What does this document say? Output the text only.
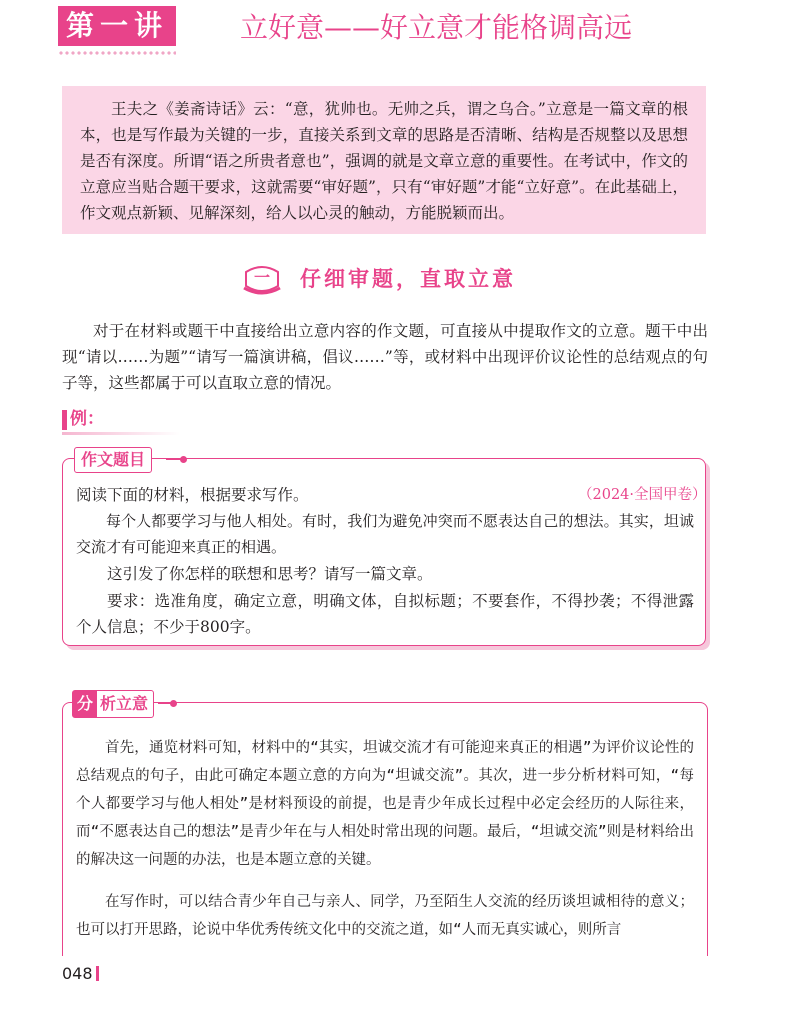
第一讲	立好意——好立意才能格调高远
王夫之《姜斋诗话》云：“意，犹帅也。无帅之兵，谓之乌合。”立意是一篇文章的根本，也是写作最为关键的一步，直接关系到文章的思路是否清晰、结构是否规整以及思想是否有深度。所谓“语之所贵者意也”，强调的就是文章立意的重要性。在考试中，作文的立意应当贴合题干要求，这就需要“审好题”，只有“审好题”才能“立好意”。在此基础上，作文观点新颖、见解深刻，给人以心灵的触动，方能脱颖而出。
一 仔细审题，直取立意
对于在材料或题干中直接给出立意内容的作文题，可直接从中提取作文的立意。题干中出现“请以……为题”“请写一篇演讲稿，倡议……”等，或材料中出现评价议论性的总结观点的句子等，这些都属于可以直取立意的情况。
例：
作文题目
阅读下面的材料，根据要求写作。	（2024·全国甲卷）
每个人都要学习与他人相处。有时，我们为避免冲突而不愿表达自己的想法。其实，坦诚交流才有可能迎来真正的相遇。
这引发了你怎样的联想和思考？请写一篇文章。
要求：选准角度，确定立意，明确文体，自拟标题；不要套作，不得抄袭；不得泄露个人信息；不少于800字。
分 析立意
首先，通览材料可知，材料中的“其实，坦诚交流才有可能迎来真正的相遇”为评价议论性的总结观点的句子，由此可确定本题立意的方向为“坦诚交流”。其次，进一步分析材料可知，“每个人都要学习与他人相处”是材料预设的前提，也是青少年成长过程中必定会经历的人际往来，而“不愿表达自己的想法”是青少年在与人相处时常出现的问题。最后，“坦诚交流”则是材料给出的解决这一问题的办法，也是本题立意的关键。
在写作时，可以结合青少年自己与亲人、同学，乃至陌生人交流的经历谈坦诚相待的意义；也可以打开思路，论说中华优秀传统文化中的交流之道，如“人而无真实诚心，则所言
048
